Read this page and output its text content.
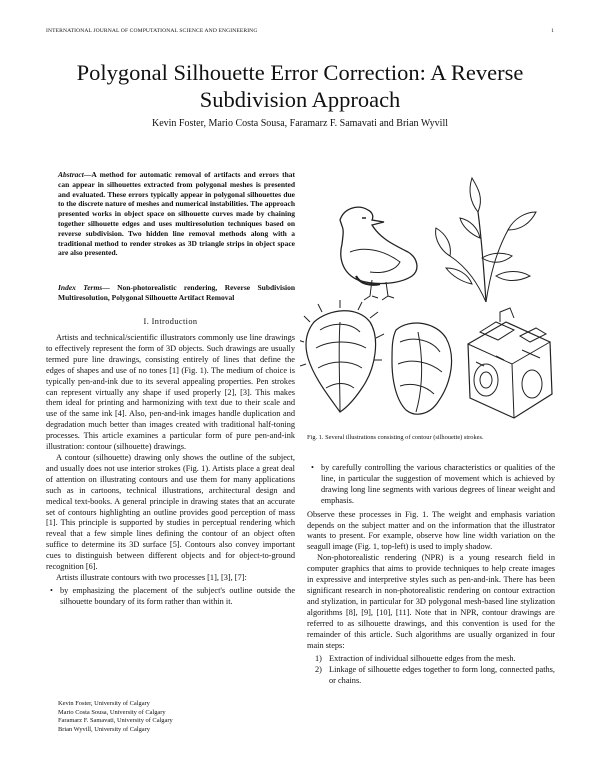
INTERNATIONAL JOURNAL OF COMPUTATIONAL SCIENCE AND ENGINEERING	1
Polygonal Silhouette Error Correction: A Reverse Subdivision Approach
Kevin Foster, Mario Costa Sousa, Faramarz F. Samavati and Brian Wyvill
Abstract—A method for automatic removal of artifacts and errors that can appear in silhouettes extracted from polygonal meshes is presented and evaluated. These errors typically appear in polygonal silhouettes due to the discrete nature of meshes and numerical instabilities. The approach presented works in object space on silhouette curves made by chaining together silhouette edges and uses multiresolution techniques based on reverse subdivision. Two hidden line removal methods along with a traditional method to render strokes as 3D triangle strips in object space are also presented.
Index Terms— Non-photorealistic rendering, Reverse Subdivision Multiresolution, Polygonal Silhouette Artifact Removal
I. Introduction

Artists and technical/scientific illustrators commonly use line drawings to effectively represent the form of 3D objects. Such drawings are usually termed pure line drawings, consisting entirely of lines that define the edges of shapes and use of no tones [1] (Fig. 1). The medium of choice is typically pen-and-ink due to its several appealing properties. Pen strokes can represent virtually any shape if used properly [2], [3]. This makes them ideal for printing and harmonizing with text due to their scale and use of the same ink [4]. Also, pen-and-ink images handle duplication and degradation much better than images created with traditional half-toning processes. This article examines a particular form of pure pen-and-ink illustration: contour (silhouette) drawings.

A contour (silhouette) drawing only shows the outline of the subject, and usually does not use interior strokes (Fig. 1). Artists place a great deal of attention on illustrating contours and use them for many applications such as in cartoons, technical illustrations, architectural design and medical text-books. A general principle in drawing states that an accurate set of contours highlighting an outline provides good perception of mass [1]. This principle is supported by studies in perceptual rendering which reveal that a few simple lines defining the contour of an object often suffice to determine its 3D surface [5]. Contours also convey important cues to distinguish between different objects and for object-to-ground recognition [6].

Artists illustrate contours with two processes [1], [3], [7]:

• by emphasizing the placement of the subject's outline outside the silhouette boundary of its form rather than within it.
Fig. 1. Several illustrations consisting of contour (silhouette) strokes.
• by carefully controlling the various characteristics or qualities of the line, in particular the suggestion of movement which is achieved by drawing long line segments with various degrees of linear weight and emphasis.

Observe these processes in Fig. 1. The weight and emphasis variation depends on the subject matter and on the information that the illustrator wants to present. For example, observe how line width variation on the seagull image (Fig. 1, top-left) is used to imply shadow.

Non-photorealistic rendering (NPR) is a young research field in computer graphics that aims to provide techniques to help create images in expressive and interpretive styles such as pen-and-ink. There has been significant research in non-photorealistic rendering on contour extraction and stylization, in particular for 3D polygonal mesh-based line stylization algorithms [8], [9], [10], [11]. Note that in NPR, contour drawings are referred to as silhouette drawings, and this convention is used for the remainder of this article. Such algorithms are usually organized in four main steps:

1) Extraction of individual silhouette edges from the mesh.
2) Linkage of silhouette edges together to form long, connected paths, or chains.
Kevin Foster, University of Calgary
Mario Costa Sousa, University of Calgary
Faramarz F. Samavati, University of Calgary
Brian Wyvill, University of Calgary
